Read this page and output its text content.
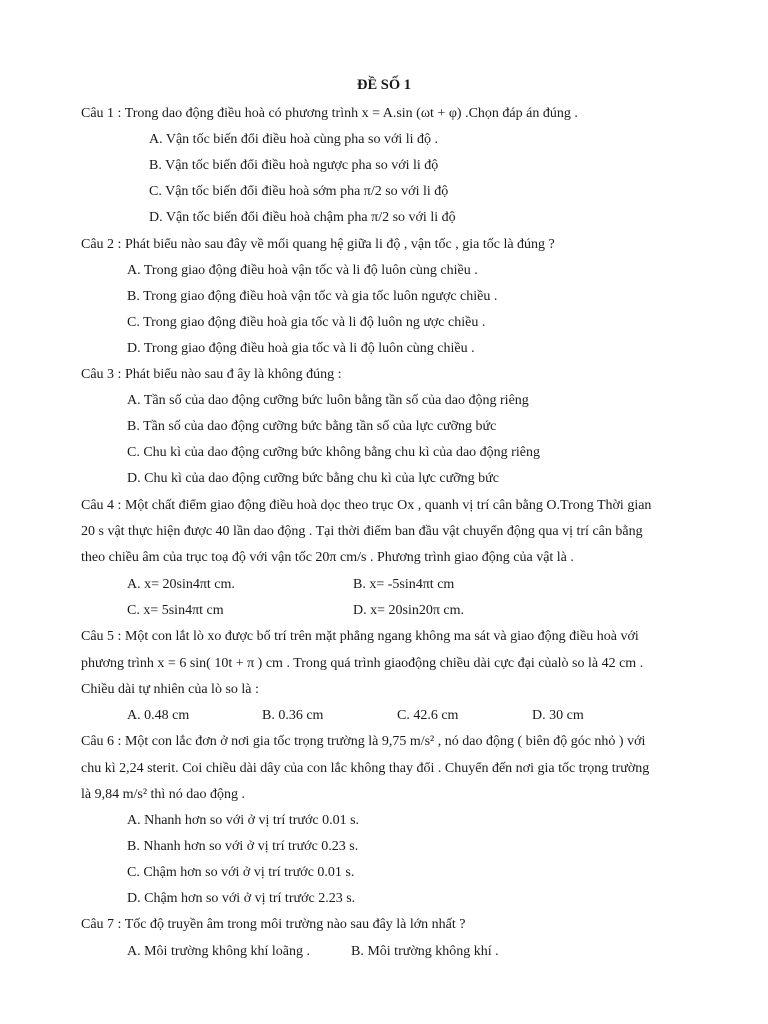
ĐỀ SỐ 1
Câu 1 : Trong dao động điều hoà có phương trình x = A.sin (ωt + φ) .Chọn đáp án đúng .
A. Vận tốc biến đổi điều hoà cùng pha so với li độ .
B. Vận tốc biến đổi điều hoà ngược pha so với li độ
C. Vận tốc biến đổi điều hoà sớm pha π/2 so với li độ
D. Vận tốc biến đổi điều hoà chậm pha π/2 so với li độ
Câu 2 : Phát biểu nào sau đây về mối quang hệ giữa li độ , vận tốc , gia tốc là đúng ?
A. Trong giao động điều hoà vận tốc và li độ luôn cùng chiều .
B. Trong giao động điều hoà vận tốc và gia tốc luôn ngược chiều .
C. Trong giao động điều hoà gia tốc và li độ luôn ng ược chiều .
D. Trong giao động điều hoà gia tốc và li độ luôn cùng chiều .
Câu 3 : Phát biểu nào sau đ ây là không đúng :
A. Tần số của dao động cưỡng bức luôn bằng tần số của dao động riêng
B. Tần số của dao động cưỡng bức bằng tần số của lực cưỡng bức
C. Chu kì của dao động cưỡng bức không bằng chu kì của dao động riêng
D. Chu kì của dao động cưỡng bức bằng chu kì của lực cưỡng bức
Câu 4 : Một chất điểm giao động điều hoà dọc theo trục Ox , quanh vị trí cân bằng O.Trong Thời gian
20 s vật thực hiện được 40 lần dao động . Tại thời điểm ban đầu vật chuyển động qua vị trí cân bằng
theo chiều âm của trục toạ độ với vận tốc 20π cm/s . Phương trình giao động của vật là .
A. x= 20sin4πt cm.	B. x= -5sin4πt cm
C. x= 5sin4πt cm	D. x= 20sin20π cm.
Câu 5 : Một con lắt lò xo được bố trí trên mặt phẳng ngang không ma sát và giao động điều hoà với
phương trình x = 6 sin( 10t + π ) cm . Trong quá trình giaođộng chiều dài cực đại củalò so là 42 cm .
Chiều dài tự nhiên của lò so là :
A. 0.48 cm	B. 0.36 cm	C. 42.6 cm	D. 30 cm
Câu 6 : Một con lắc đơn ở nơi gia tốc trọng trường là 9,75 m/s² , nó dao động ( biên độ góc nhỏ ) với
chu kì 2,24 sterit. Coi chiều dài dây của con lắc không thay đổi . Chuyển đến nơi gia tốc trọng trường
là 9,84 m/s² thì nó dao động .
A. Nhanh hơn so với ở vị trí trước 0.01 s.
B. Nhanh hơn so với ở vị trí trước 0.23 s.
C. Chậm hơn so với ở vị trí trước 0.01 s.
D. Chậm hơn so với ở vị trí trước 2.23 s.
Câu 7 : Tốc độ truyền âm trong môi trường nào sau đây là lớn nhất ?
A. Môi trường không khí loãng .	B. Môi trường không khí .
